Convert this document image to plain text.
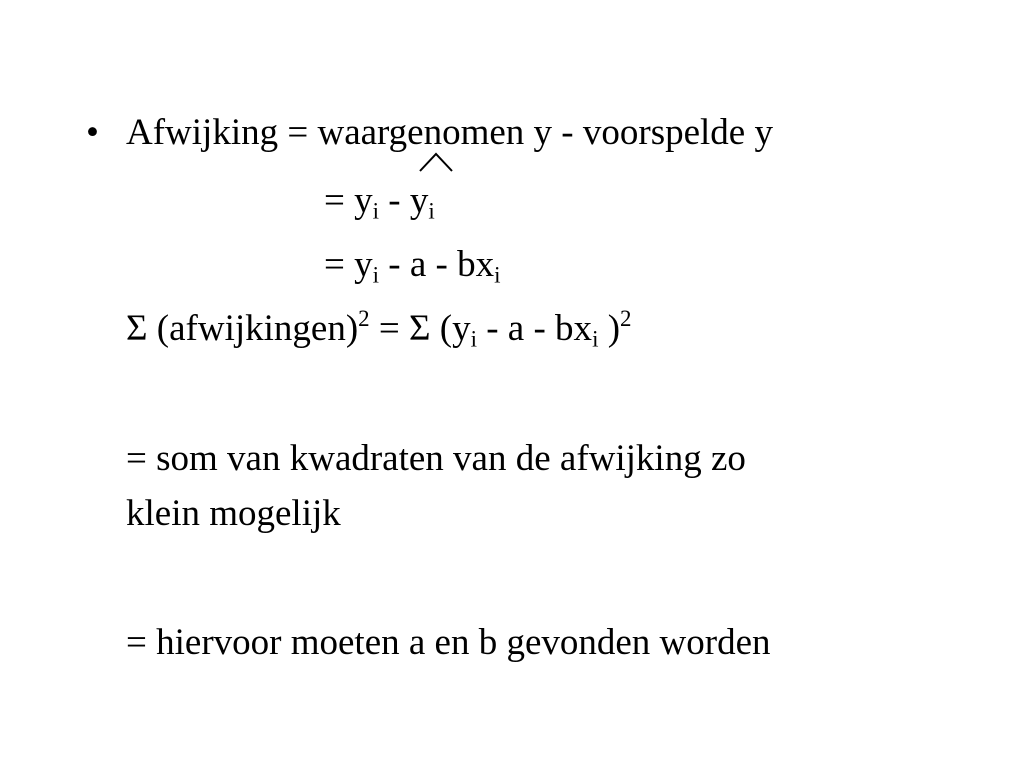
• Afwijking = waargenomen y - voorspelde y
= $y_i - y_i$
= $y_i$ - a - $bx_i$
Σ (afwijkingen)$^2$ = Σ ($y_i$ - a - $bx_i$ )$^2$
= som van kwadraten van de afwijking zo
klein mogelijk
= hiervoor moeten a en b gevonden worden
